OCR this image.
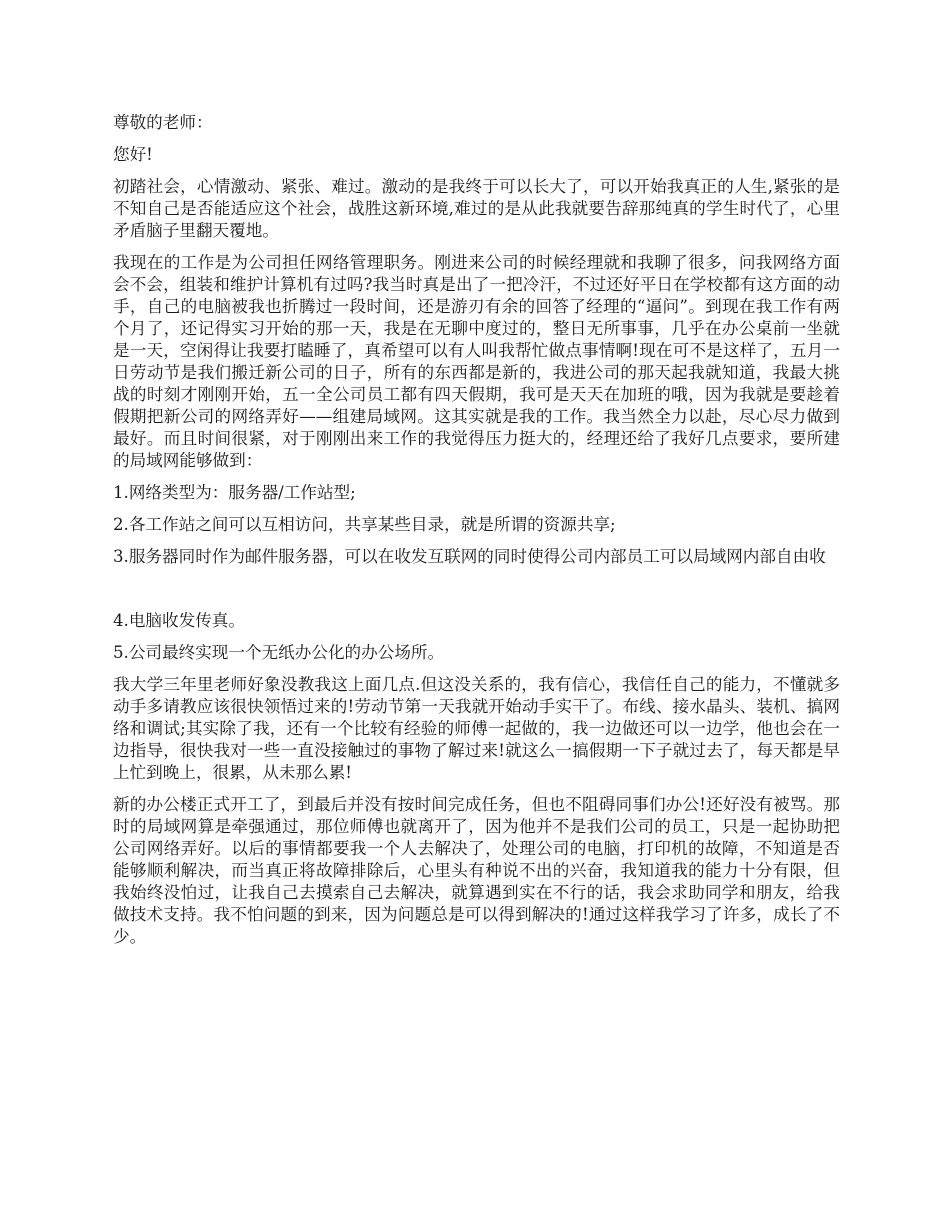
尊敬的老师：

您好!

初踏社会，心情激动、紧张、难过。激动的是我终于可以长大了，可以开始我真正的人生,紧张的是不知自己是否能适应这个社会，战胜这新环境,难过的是从此我就要告辞那纯真的学生时代了，心里矛盾脑子里翻天覆地。

我现在的工作是为公司担任网络管理职务。刚进来公司的时候经理就和我聊了很多，问我网络方面会不会，组装和维护计算机有过吗?我当时真是出了一把冷汗，不过还好平日在学校都有这方面的动手，自己的电脑被我也折腾过一段时间，还是游刃有余的回答了经理的“逼问”。到现在我工作有两个月了，还记得实习开始的那一天，我是在无聊中度过的，整日无所事事，几乎在办公桌前一坐就是一天，空闲得让我要打瞌睡了，真希望可以有人叫我帮忙做点事情啊!现在可不是这样了，五月一日劳动节是我们搬迁新公司的日子，所有的东西都是新的，我进公司的那天起我就知道，我最大挑战的时刻才刚刚开始，五一全公司员工都有四天假期，我可是天天在加班的哦，因为我就是要趁着假期把新公司的网络弄好——组建局域网。这其实就是我的工作。我当然全力以赴，尽心尽力做到最好。而且时间很紧，对于刚刚出来工作的我觉得压力挺大的，经理还给了我好几点要求，要所建的局域网能够做到：

1.网络类型为：服务器/工作站型;

2.各工作站之间可以互相访问，共享某些目录，就是所谓的资源共享;

3.服务器同时作为邮件服务器，可以在收发互联网的同时使得公司内部员工可以局域网内部自由收

4.电脑收发传真。

5.公司最终实现一个无纸办公化的办公场所。

我大学三年里老师好象没教我这上面几点.但这没关系的，我有信心，我信任自己的能力，不懂就多动手多请教应该很快领悟过来的!劳动节第一天我就开始动手实干了。布线、接水晶头、装机、搞网络和调试;其实除了我，还有一个比较有经验的师傅一起做的，我一边做还可以一边学，他也会在一边指导，很快我对一些一直没接触过的事物了解过来!就这么一搞假期一下子就过去了，每天都是早上忙到晚上，很累，从未那么累!

新的办公楼正式开工了，到最后并没有按时间完成任务，但也不阻碍同事们办公!还好没有被骂。那时的局域网算是牵强通过，那位师傅也就离开了，因为他并不是我们公司的员工，只是一起协助把公司网络弄好。以后的事情都要我一个人去解决了，处理公司的电脑，打印机的故障，不知道是否能够顺利解决，而当真正将故障排除后，心里头有种说不出的兴奋，我知道我的能力十分有限，但我始终没怕过，让我自己去摸索自己去解决，就算遇到实在不行的话，我会求助同学和朋友，给我做技术支持。我不怕问题的到来，因为问题总是可以得到解决的!通过这样我学习了许多，成长了不少。
